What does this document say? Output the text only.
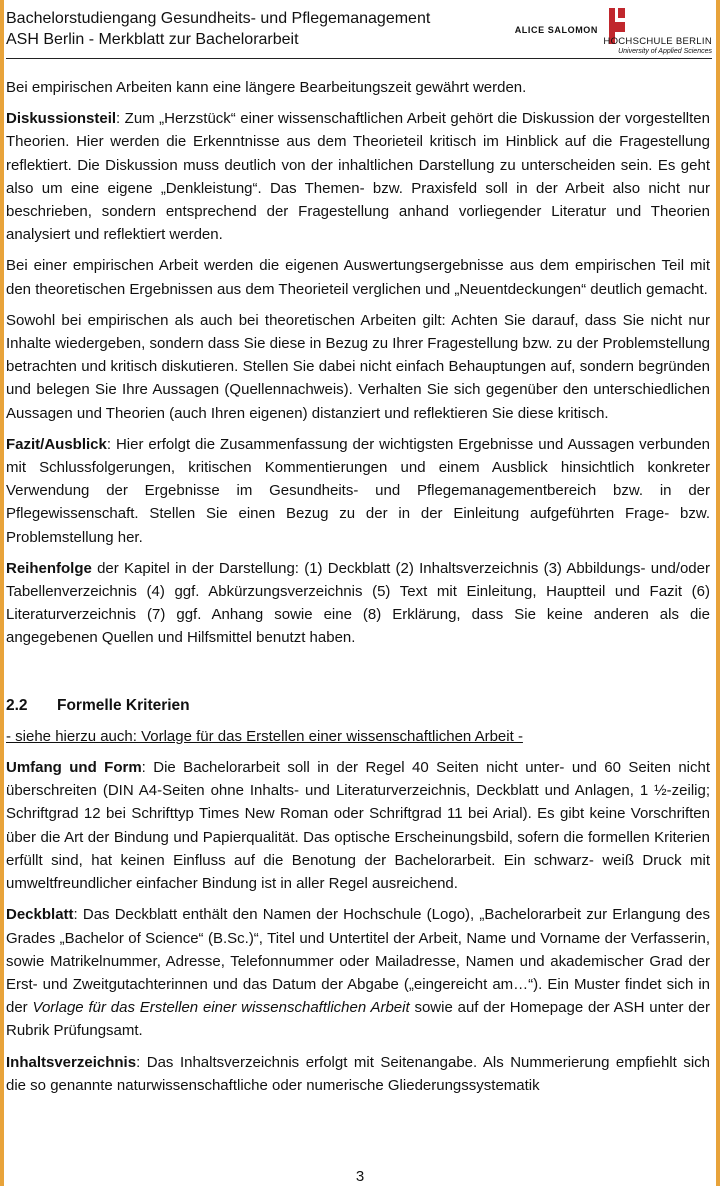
Bachelorstudiengang Gesundheits- und Pflegemanagement
ASH Berlin - Merkblatt zur Bachelorarbeit
ALICE SALOMON
HOCHSCHULE BERLIN
University of Applied Sciences

Bei empirischen Arbeiten kann eine längere Bearbeitungszeit gewährt werden.

Diskussionsteil: Zum „Herzstück“ einer wissenschaftlichen Arbeit gehört die Diskussion der vorgestellten Theorien. Hier werden die Erkenntnisse aus dem Theorieteil kritisch im Hinblick auf die Fragestellung reflektiert. Die Diskussion muss deutlich von der inhaltlichen Darstellung zu unterscheiden sein. Es geht also um eine eigene „Denkleistung“. Das Themen- bzw. Praxisfeld soll in der Arbeit also nicht nur beschrieben, sondern entsprechend der Fragestellung anhand vorliegender Literatur und Theorien analysiert und reflektiert werden.

Bei einer empirischen Arbeit werden die eigenen Auswertungsergebnisse aus dem empirischen Teil mit den theoretischen Ergebnissen aus dem Theorieteil verglichen und „Neuentdeckungen“ deutlich gemacht.

Sowohl bei empirischen als auch bei theoretischen Arbeiten gilt: Achten Sie darauf, dass Sie nicht nur Inhalte wiedergeben, sondern dass Sie diese in Bezug zu Ihrer Fragestellung bzw. zu der Problemstellung betrachten und kritisch diskutieren. Stellen Sie dabei nicht einfach Behauptungen auf, sondern begründen und belegen Sie Ihre Aussagen (Quellennachweis). Verhalten Sie sich gegenüber den unterschiedlichen Aussagen und Theorien (auch Ihren eigenen) distanziert und reflektieren Sie diese kritisch.

Fazit/Ausblick: Hier erfolgt die Zusammenfassung der wichtigsten Ergebnisse und Aussagen verbunden mit Schlussfolgerungen, kritischen Kommentierungen und einem Ausblick hinsichtlich konkreter Verwendung der Ergebnisse im Gesundheits- und Pflegemanagementbereich bzw. in der Pflegewissenschaft. Stellen Sie einen Bezug zu der in der Einleitung aufgeführten Frage- bzw. Problemstellung her.

Reihenfolge der Kapitel in der Darstellung: (1) Deckblatt (2) Inhaltsverzeichnis (3) Abbildungs- und/oder Tabellenverzeichnis (4) ggf. Abkürzungsverzeichnis (5) Text mit Einleitung, Hauptteil und Fazit (6) Literaturverzeichnis (7) ggf. Anhang sowie eine (8) Erklärung, dass Sie keine anderen als die angegebenen Quellen und Hilfsmittel benutzt haben.

2.2 Formelle Kriterien
- siehe hierzu auch: Vorlage für das Erstellen einer wissenschaftlichen Arbeit -

Umfang und Form: Die Bachelorarbeit soll in der Regel 40 Seiten nicht unter- und 60 Seiten nicht überschreiten (DIN A4-Seiten ohne Inhalts- und Literaturverzeichnis, Deckblatt und Anlagen, 1 ½-zeilig; Schriftgrad 12 bei Schrifttyp Times New Roman oder Schriftgrad 11 bei Arial). Es gibt keine Vorschriften über die Art der Bindung und Papierqualität. Das optische Erscheinungsbild, sofern die formellen Kriterien erfüllt sind, hat keinen Einfluss auf die Benotung der Bachelorarbeit. Ein schwarz- weiß Druck mit umweltfreundlicher einfacher Bindung ist in aller Regel ausreichend.

Deckblatt: Das Deckblatt enthält den Namen der Hochschule (Logo), „Bachelorarbeit zur Erlangung des Grades „Bachelor of Science“ (B.Sc.)“, Titel und Untertitel der Arbeit, Name und Vorname der Verfasserin, sowie Matrikelnummer, Adresse, Telefonnummer oder Mailadresse, Namen und akademischer Grad der Erst- und Zweitgutachterinnen und das Datum der Abgabe („eingereicht am…“). Ein Muster findet sich in der Vorlage für das Erstellen einer wissenschaftlichen Arbeit sowie auf der Homepage der ASH unter der Rubrik Prüfungsamt.

Inhaltsverzeichnis: Das Inhaltsverzeichnis erfolgt mit Seitenangabe. Als Nummerierung empfiehlt sich die so genannte naturwissenschaftliche oder numerische Gliederungssystematik

3
